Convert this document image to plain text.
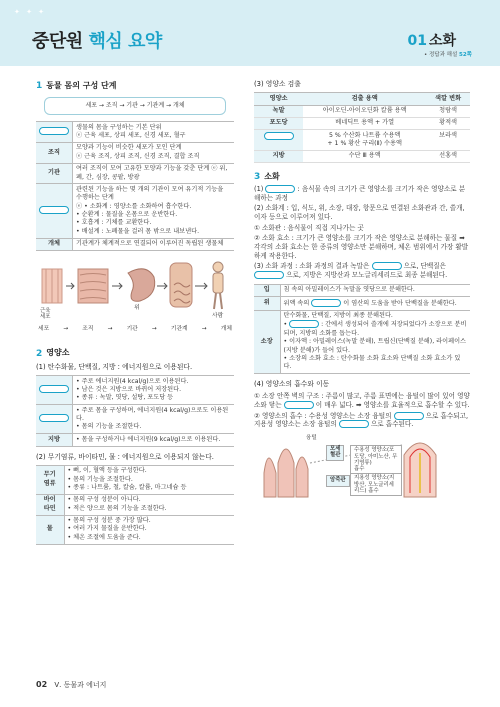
✦ ✦ ✦
중단원 핵심 요약	01 소화
• 정답과 해설 52쪽
1 동물 몸의 구성 단계
세포 → 조직 → 기관 → 기관계 → 개체
	생물의 몸을 구성하는 기본 단위
ⓔ 근육 세포, 상피 세포, 신경 세포, 혈구
조직	모양과 기능이 비슷한 세포가 모인 단계
ⓔ 근육 조직, 상피 조직, 신경 조직, 결합 조직
기관	여러 조직이 모여 고유한 모양과 기능을 갖춘 단계 ⓔ 위, 폐, 간, 심장, 콩팥, 방광
	관련된 기능을 하는 몇 개의 기관이 모여 유기적 기능을 수행하는 단계
ⓔ • 소화계 : 영양소를 소화하여 흡수한다.
• 순환계 : 물질을 온몸으로 운반한다.
• 호흡계 : 기체를 교환한다.
• 배설계 : 노폐물을 걸러 몸 밖으로 내보낸다.
개체	기관계가 체계적으로 연결되어 이루어진 독립된 생물체
근육
세포
위
사람
세포 → 조직 → 기관 → 기관계 → 개체
2 영양소
(1) 탄수화물, 단백질, 지방 : 에너지원으로 이용된다.
	• 주로 에너지원(4 kcal/g)으로 이용된다.
• 남은 것은 지방으로 바뀌어 저장된다.
• 종류 : 녹말, 엿당, 설탕, 포도당 등
	• 주로 몸을 구성하며, 에너지원(4 kcal/g)으로도 이용된다.
• 몸의 기능을 조절한다.
지방	• 몸을 구성하거나 에너지원(9 kcal/g)으로 이용된다.
(2) 무기염류, 바이타민, 물 : 에너지원으로 이용되지 않는다.
무기
염류	• 뼈, 이, 혈액 등을 구성한다.
• 몸의 기능을 조절한다.
• 종류 : 나트륨, 철, 칼슘, 칼륨, 마그네슘 등
바이
타민	• 몸의 구성 성분이 아니다.
• 적은 양으로 몸의 기능을 조절한다.
물	• 몸의 구성 성분 중 가장 많다.
• 여러 가지 물질을 운반한다.
• 체온 조절에 도움을 준다.
(3) 영양소 검출
영양소	검출 용액	색깔 변화
녹말	아이오딘-아이오딘화 칼륨 용액	청람색
포도당	베네딕트 용액 + 가열	황적색
	5 % 수산화 나트륨 수용액
+ 1 % 황산 구리(Ⅱ) 수용액	보라색
지방	수단 Ⅲ 용액	선홍색
3 소화
(1)	: 음식물 속의 크기가 큰 영양소를 크기가 작은 영양소로 분해하는 과정
(2) 소화계 : 입, 식도, 위, 소장, 대장, 항문으로 연결된 소화관과 간, 쓸개, 이자 등으로 이루어져 있다.
① 소화관 : 음식물이 직접 지나가는 곳
② 소화 효소 : 크기가 큰 영양소를 크기가 작은 영양소로 분해하는 물질 ➡ 각각의 소화 효소는 한 종류의 영양소만 분해하며, 체온 범위에서 가장 활발하게 작용한다.
(3) 소화 과정 : 소화 과정의 결과 녹말은	으로, 단백질은  으로, 지방은 지방산과 모노글리세리드로 최종 분해된다.
입	침 속의 아밀레이스가 녹말을 엿당으로 분해한다.
위	위액 속의 이 염산의 도움을 받아 단백질을 분해한다.
소장	탄수화물, 단백질, 지방이 최종 분해된다.
• : 간에서 생성되어 쓸개에 저장되었다가 소장으로 분비되며, 지방의 소화를 돕는다.
• 이자액 : 아밀레이스(녹말 분해), 트립신(단백질 분해), 라이페이스(지방 분해)가 들어 있다.
• 소장의 소화 효소 : 탄수화물 소화 효소와 단백질 소화 효소가 있다.
(4) 영양소의 흡수와 이동
① 소장 안쪽 벽의 구조 : 주름이 많고, 주름 표면에는 융털이 많이 있어 영양소와 닿는	이 매우 넓다. ➡ 영양소를 효율적으로 흡수할 수 있다.
② 영양소의 흡수 : 수용성 영양소는 소장 융털의	으로 흡수되고, 지용성 영양소는 소장 융털의	으로 흡수된다.
융털
모세
혈관
수용성 영양소(포도당, 아미노산, 무기염류)
흡수
암죽관	지용성 영양소(지방산, 모노글리세리드) 흡수
02 Ⅴ. 동물과 에너지
